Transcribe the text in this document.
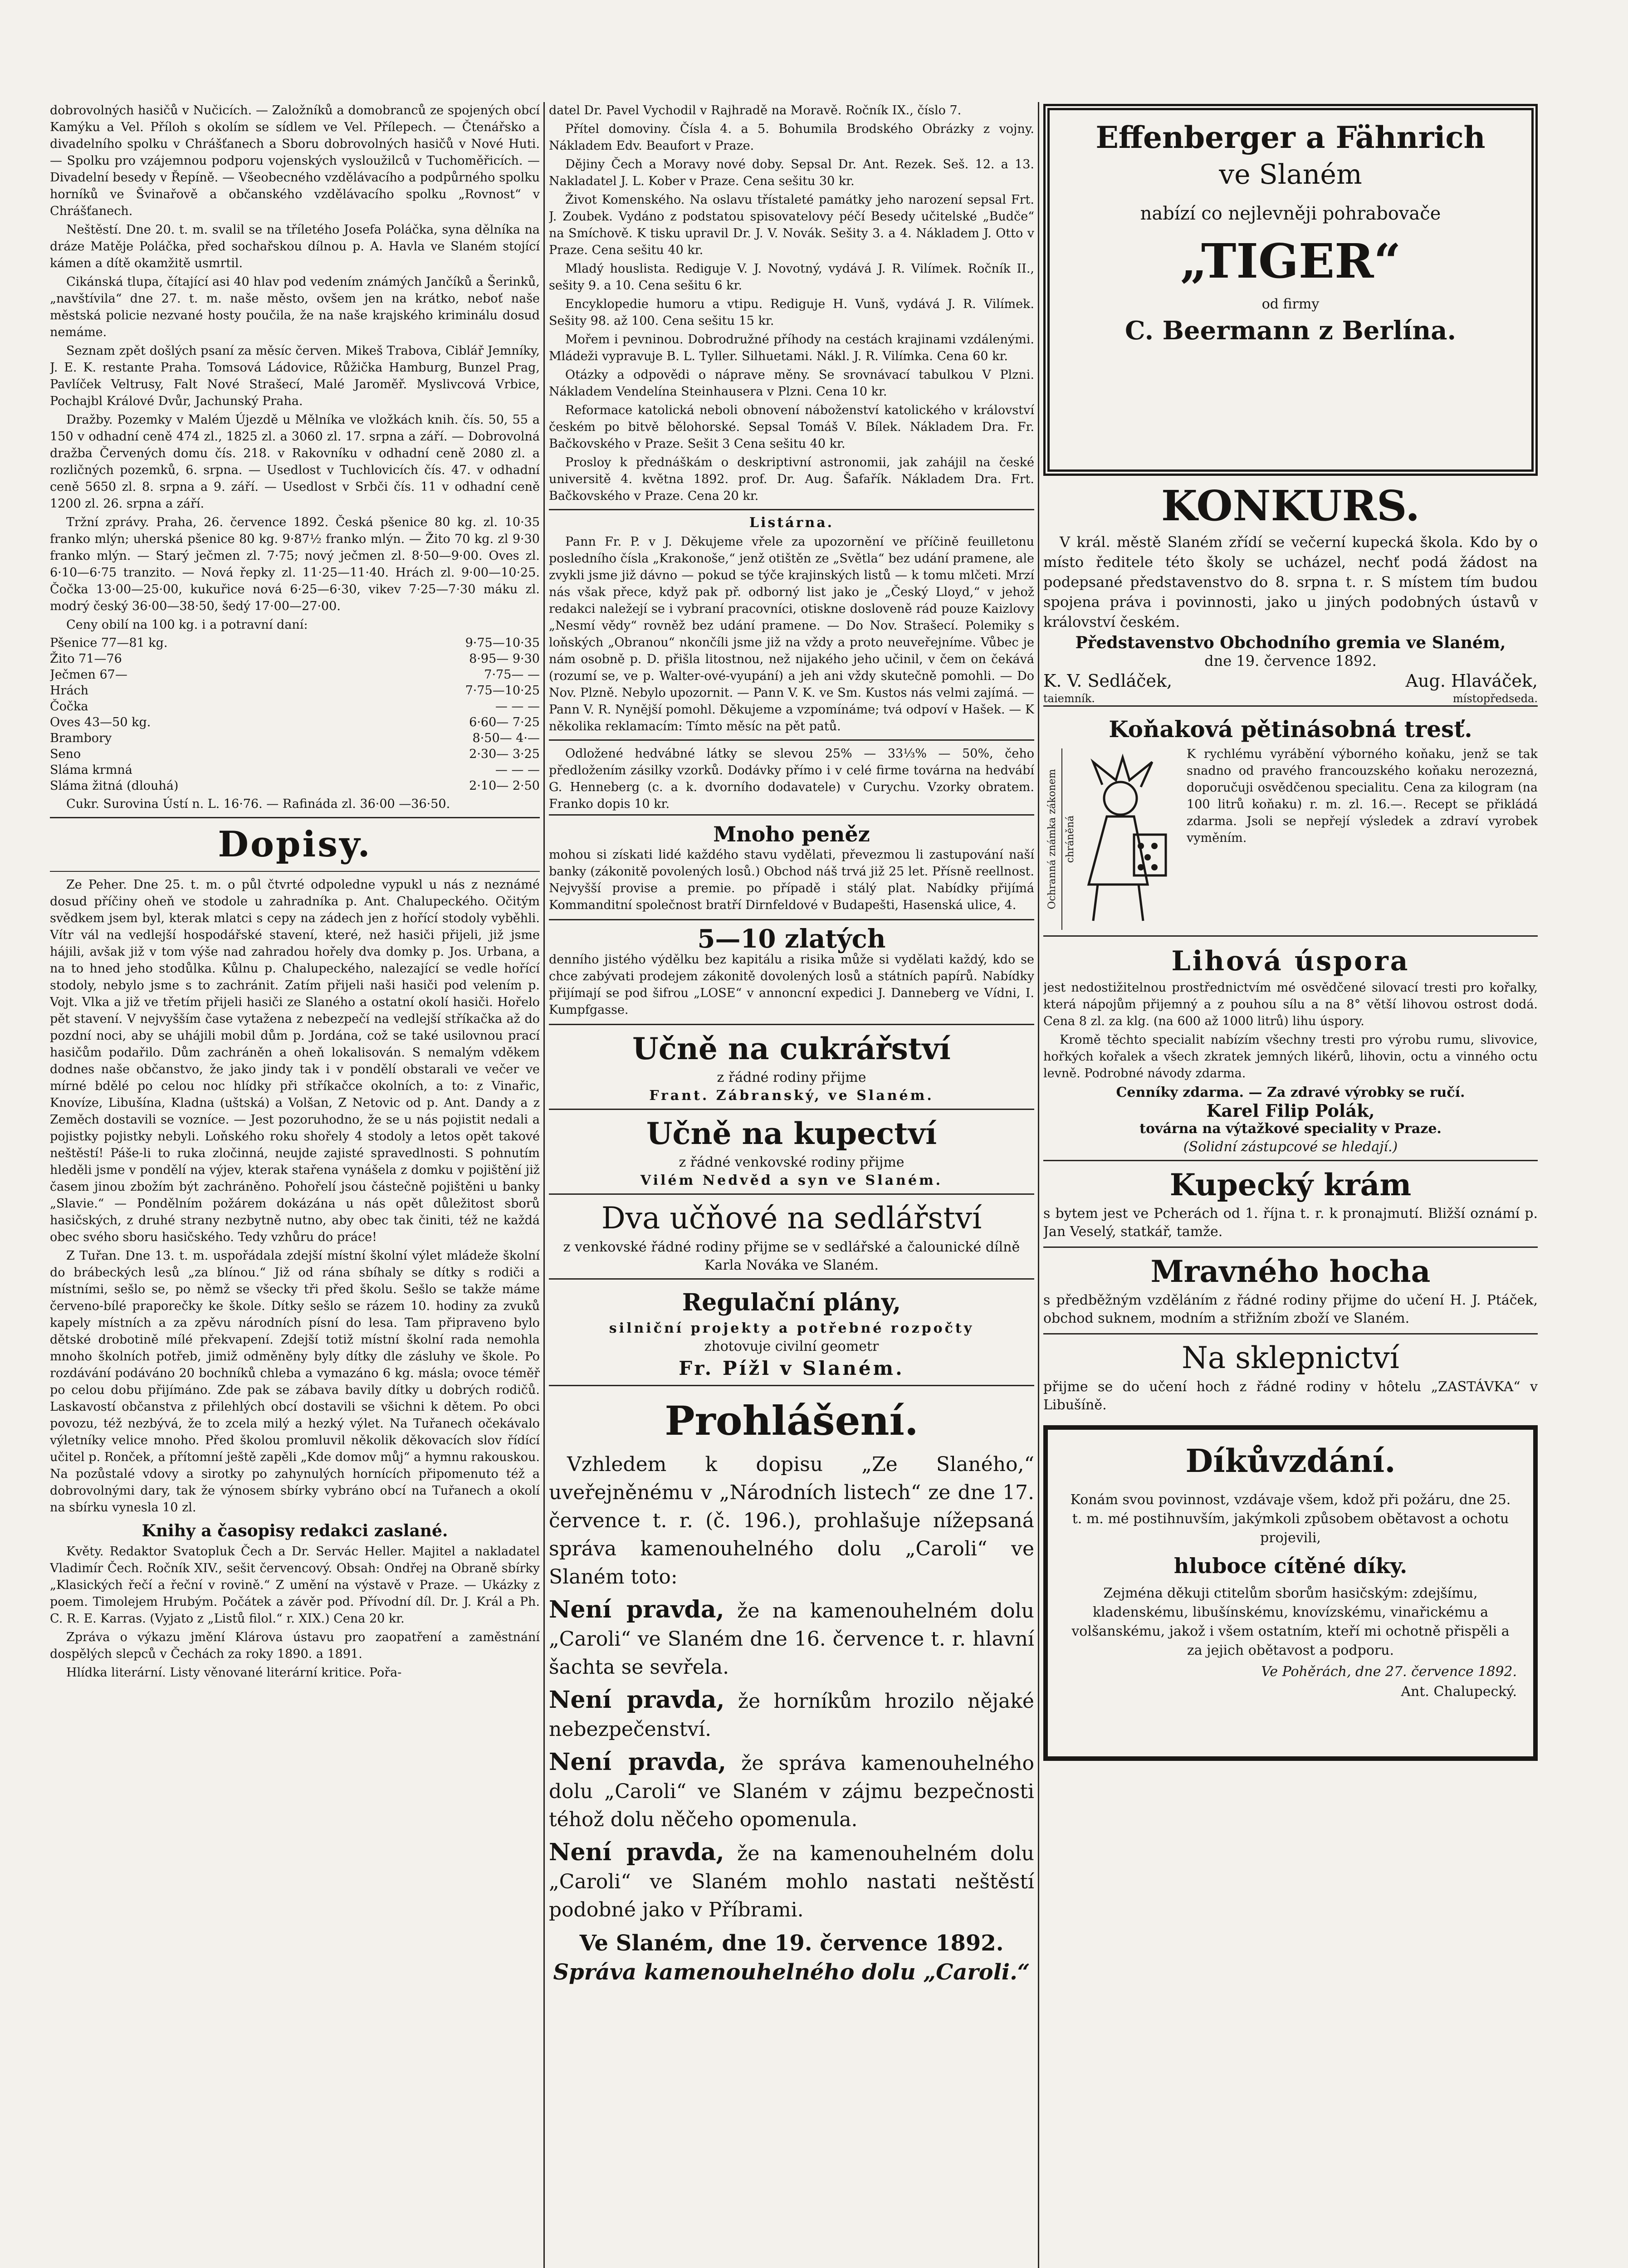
dobrovolných hasičů v Nučicích. — Založníků a domobranců ze spojených obcí Kamýku a Vel. Příloh s okolím se sídlem ve Vel. Přílepech. — Čtenářsko a divadelního spolku v Chrášťanech a Sboru dobrovolných hasičů v Nové Huti. — Spolku pro vzájemnou podporu vojenských vysloužilců v Tuchoměřicích. — Divadelní besedy v Řepíně. — Všeobecného vzdělávacího a podpůrného spolku horníků ve Švinařově a občanského vzdělávacího spolku „Rovnost“ v Chrášťanech.

Neštěstí. Dne 20. t. m. svalil se na tříletého Josefa Poláčka, syna dělníka na dráze Matěje Poláčka, před sochařskou dílnou p. A. Havla ve Slaném stojící kámen a dítě okamžitě usmrtil.

Cikánská tlupa, čítající asi 40 hlav pod vedením známých Jančíků a Šerinků, „navštívila“ dne 27. t. m. naše město, ovšem jen na krátko, neboť naše městská policie nezvané hosty poučila, že na naše krajského kriminálu dosud nemáme.

Seznam zpět došlých psaní za měsíc červen. Mikeš Trabova, Ciblář Jemníky, J. E. K. restante Praha. Tomsová Ládovice, Růžička Hamburg, Bunzel Prag, Pavlíček Veltrusy, Falt Nové Strašecí, Malé Jaroměř. Myslivcová Vrbice, Pochajbl Králové Dvůr, Jachunský Praha.

Dražby. Pozemky v Malém Újezdě u Mělníka ve vložkách knih. čís. 50, 55 a 150 v odhadní ceně 474 zl., 1825 zl. a 3060 zl. 17. srpna a září. — Dobrovolná dražba Červených domu čís. 218. v Rakovníku v odhadní ceně 2080 zl. a rozličných pozemků, 6. srpna. — Usedlost v Tuchlovicích čís. 47. v odhadní ceně 5650 zl. 8. srpna a 9. září. — Usedlost v Srbči čís. 11 v odhadní ceně 1200 zl. 26. srpna a září.

Tržní zprávy. Praha, 26. července 1892. Česká pšenice 80 kg. zl. 10·35 franko mlýn; uherská pšenice 80 kg. 9·87½ franko mlýn. — Žito 70 kg. zl 9·30 franko mlýn. — Starý ječmen zl. 7·75; nový ječmen zl. 8·50—9·00. Oves zl. 6·10—6·75 tranzito. — Nová řepky zl. 11·25—11·40. Hrách zl. 9·00—10·25. Čočka 13·00—25·00, kukuřice nová 6·25—6·30, vikev 7·25—7·30 máku zl. modrý český 36·00—38·50, šedý 17·00—27·00.

Ceny obilí na 100 kg. i a potravní daní:

Pšenice 77—81 kg.	9·75—10·35
Žito 71—76	8·95— 9·30
Ječmen 67—	7·75— —
Hrách	7·75—10·25
Čočka	— — —
Oves 43—50 kg.	6·60— 7·25
Brambory	8·50— 4·—
Seno	2·30— 3·25
Sláma krmná	— — —
Sláma žitná (dlouhá)	2·10— 2·50

Cukr. Surovina Ústí n. L. 16·76. — Rafináda zl. 36·00 —36·50.

Dopisy.

Ze Peher. Dne 25. t. m. o půl čtvrté odpoledne vypukl u nás z neznámé dosud příčiny oheň ve stodole u zahradníka p. Ant. Chalupeckého. Očitým svědkem jsem byl, kterak mlatci s cepy na zádech jen z hořící stodoly vyběhli. Vítr vál na vedlejší hospodářské stavení, které, než hasiči přijeli, již jsme hájili, avšak již v tom výše nad zahradou hořely dva domky p. Jos. Urbana, a na to hned jeho stodůlka. Kůlnu p. Chalupeckého, nalezající se vedle hořící stodoly, nebylo jsme s to zachránit. Zatím přijeli naši hasiči pod velením p. Vojt. Vlka a již ve třetím přijeli hasiči ze Slaného a ostatní okolí hasiči. Hořelo pět stavení. V nejvyšším čase vytažena z nebezpečí na vedlejší stříkačka až do pozdní noci, aby se uhájili mobil dům p. Jordána, což se také usilovnou prací hasičům podařilo. Dům zachráněn a oheň lokalisován. S nemalým vděkem dodnes naše občanstvo, že jako jindy tak i v pondělí obstarali ve večer ve mírné bdělé po celou noc hlídky při stříkačce okolních, a to: z Vinařic, Knovíze, Libušína, Kladna (uštská) a Volšan, Z Netovic od p. Ant. Dandy a z Zeměch dostavili se vozníce. — Jest pozoruhodno, že se u nás pojistit nedali a pojistky pojistky nebyli. Loňského roku shořely 4 stodoly a letos opět takové neštěstí! Páše-li to ruka zločinná, neujde zajisté spravedlnosti. S pohnutím hleděli jsme v pondělí na výjev, kterak stařena vynášela z domku v pojištění již časem jinou zbožím být zachráněno. Pohořelí jsou částečně pojištěni u banky „Slavie.“ — Pondělním požárem dokázána u nás opět důležitost sborů hasičských, z druhé strany nezbytně nutno, aby obec tak činiti, též ne každá obec svého sboru hasičského. Tedy vzhůru do práce!

Z Tuřan. Dne 13. t. m. uspořádala zdejší místní školní výlet mládeže školní do brábeckých lesů „za blínou.“ Již od rána sbíhaly se dítky s rodiči a místními, sešlo se, po němž se všecky tři před školu. Sešlo se takže máme červeno-bílé praporečky ke škole. Dítky sešlo se rázem 10. hodiny za zvuků kapely místních a za zpěvu národních písní do lesa. Tam připraveno bylo dětské drobotině mílé překvapení. Zdejší totiž místní školní rada nemohla mnoho školních potřeb, jimiž odměněny byly dítky dle zásluhy ve škole. Po rozdávání podáváno 20 bochníků chleba a vymazáno 6 kg. másla; ovoce téměř po celou dobu přijímáno. Zde pak se zábava bavily dítky u dobrých rodičů. Laskavostí občanstva z přilehlých obcí dostavili se všichni k dětem. Po obci povozu, též nezbývá, že to zcela milý a hezký výlet. Na Tuřanech očekávalo výletníky velice mnoho. Před školou promluvil několik děkovacích slov řídící učitel p. Ronček, a přítomní ještě zapěli „Kde domov můj“ a hymnu rakouskou. Na pozůstalé vdovy a sirotky po zahynulých hornících připomenuto též a dobrovolnými dary, tak že výnosem sbírky vybráno obcí na Tuřanech a okolí na sbírku vynesla 10 zl.

Knihy a časopisy redakci zaslané.

Květy. Redaktor Svatopluk Čech a Dr. Servác Heller. Majitel a nakladatel Vladimír Čech. Ročník XIV., sešit červencový. Obsah: Ondřej na Obraně sbírky „Klasických řečí a řeční v rovině.“ Z umění na výstavě v Praze. — Ukázky z poem. Timolejem Hrubým. Počátek a závěr pod. Přívodní díl. Dr. J. Král a Ph. C. R. E. Karras. (Vyjato z „Listů filol.“ r. XIX.) Cena 20 kr.

Zpráva o výkazu jmění Klárova ústavu pro zaopatření a zaměstnání dospělých slepců v Čechách za roky 1890. a 1891.

Hlídka literární. Listy věnované literární kritice. Pořa-

datel Dr. Pavel Vychodil v Rajhradě na Moravě. Ročník IX., číslo 7.

Přítel domoviny. Čísla 4. a 5. Bohumila Brodského Obrázky z vojny. Nákladem Edv. Beaufort v Praze.

Dějiny Čech a Moravy nové doby. Sepsal Dr. Ant. Rezek. Seš. 12. a 13. Nakladatel J. L. Kober v Praze. Cena sešitu 30 kr.

Život Komenského. Na oslavu třístaleté památky jeho narození sepsal Frt. J. Zoubek. Vydáno z podstatou spisovatelovy péčí Besedy učitelské „Budče“ na Smíchově. K tisku upravil Dr. J. V. Novák. Sešity 3. a 4. Nákladem J. Otto v Praze. Cena sešitu 40 kr.

Mladý houslista. Rediguje V. J. Novotný, vydává J. R. Vilímek. Ročník II., sešity 9. a 10. Cena sešitu 6 kr.

Encyklopedie humoru a vtipu. Rediguje H. Vunš, vydává J. R. Vilímek. Sešity 98. až 100. Cena sešitu 15 kr.

Mořem i pevninou. Dobrodružné příhody na cestách krajinami vzdálenými. Mládeži vypravuje B. L. Tyller. Silhuetami. Nákl. J. R. Vilímka. Cena 60 kr.

Otázky a odpovědi o náprave měny. Se srovnávací tabulkou V Plzni. Nákladem Vendelína Steinhausera v Plzni. Cena 10 kr.

Reformace katolická neboli obnovení náboženství katolického v království českém po bitvě bělohorské. Sepsal Tomáš V. Bílek. Nákladem Dra. Fr. Bačkovského v Praze. Sešit 3 Cena sešitu 40 kr.

Prosloy k přednáškám o deskriptivní astronomii, jak zahájil na české universitě 4. května 1892. prof. Dr. Aug. Šafařík. Nákladem Dra. Frt. Bačkovského v Praze. Cena 20 kr.

Listárna.

Pann Fr. P. v J. Děkujeme vřele za upozornění ve příčině feuilletonu posledního čísla „Krakonoše,“ jenž otištěn ze „Světla“ bez udání pramene, ale zvykli jsme již dávno — pokud se týče krajinských listů — k tomu mlčeti. Mrzí nás však přece, když pak př. odborný list jako je „Český Lloyd,“ v jehož redakci naležejí se i vybraní pracovníci, otiskne dosloveně rád pouze Kaizlovy „Nesmí vědy“ rovněž bez udání pramene. — Do Nov. Strašecí. Polemiky s loňských „Obranou“ nkončíli jsme již na vždy a proto neuveřejníme. Vůbec je nám osobně p. D. přišla litostnou, než nijakého jeho učinil, v čem on čekává (rozumí se, ve p. Walter-ové-vyupání) a jeh ani vždy skutečně pomohli. — Do Nov. Plzně. Nebylo upozornit. — Pann V. K. ve Sm. Kustos nás velmi zajímá. — Pann V. R. Nynější pomohl. Děkujeme a vzpomínáme; tvá odpoví v Hašek. — K několika reklamacím: Tímto měsíc na pět patů.

Odložené hedvábné látky se slevou 25% — 33⅓% — 50%, čeho předložením zásilky vzorků. Dodávky přímo i v celé firme továrna na hedvábí G. Henneberg (c. a k. dvorního dodavatele) v Curychu. Vzorky obratem. Franko dopis 10 kr.

Mnoho peněz

mohou si získati lidé každého stavu vydělati, převezmou li zastupování naší banky (zákonitě povolených losů.) Obchod náš trvá již 25 let. Přísně reellnost. Nejvyšší provise a premie. po případě i stálý plat. Nabídky přijímá Kommanditní společnost bratří Dirnfeldové v Budapešti, Hasenská ulice, 4.

5—10 zlatých

denního jistého výdělku bez kapitálu a risika může si vydělati každý, kdo se chce zabývati prodejem zákonitě dovolených losů a státních papírů. Nabídky přijímají se pod šifrou „LOSE“ v annoncní expedici J. Danneberg ve Vídni, I. Kumpfgasse.

Učně na cukrářství
z řádné rodiny přijme
Frant. Zábranský, ve Slaném.
Učně na kupectví
z řádné venkovské rodiny přijme
Vilém Nedvěd a syn ve Slaném.
Dva učňové na sedlářství
z venkovské řádné rodiny přijme se v sedlářské a čalounické dílně Karla Nováka ve Slaném.
Regulační plány,
silniční projekty a potřebné rozpočty
zhotovuje civilní geometr
Fr. Pížl v Slaném.
Prohlášení.

Vzhledem k dopisu „Ze Slaného,“ uveřejněnému v „Národních listech“ ze dne 17. července t. r. (č. 196.), prohlašuje nížepsaná správa kamenouhelného dolu „Caroli“ ve Slaném toto:

Není pravda, že na kamenouhelném dolu „Caroli“ ve Slaném dne 16. července t. r. hlavní šachta se sevřela.

Není pravda, že horníkům hrozilo nějaké nebezpečenství.

Není pravda, že správa kamenouhelného dolu „Caroli“ ve Slaném v zájmu bezpečnosti téhož dolu něčeho opomenula.

Není pravda, že na kamenouhelném dolu „Caroli“ ve Slaném mohlo nastati neštěstí podobné jako v Příbrami.

Ve Slaném, dne 19. července 1892.
Správa kamenouhelného dolu „Caroli.“
Effenberger a Fähnrich
ve Slaném
nabízí co nejlevněji pohrabovače
„TIGER“
od firmy
C. Beermann z Berlína.
KONKURS.

V král. městě Slaném zřídí se večerní kupecká škola. Kdo by o místo ředitele této školy se ucházel, nechť podá žádost na podepsané představenstvo do 8. srpna t. r. S místem tím budou spojena práva i povinnosti, jako u jiných podobných ústavů v království českém.

Představenstvo Obchodního gremia ve Slaném,
dne 19. července 1892.
K. V. Sedláček,	Aug. Hlaváček,
taiemník.	místopředseda.
Koňaková pětinásobná tresť.
Ochranná známka zákonem chráněná

K rychlému vyrábění výborného koňaku, jenž se tak snadno od pravého francouzského koňaku nerozezná, doporučuji osvědčenou specialitu. Cena za kilogram (na 100 litrů koňaku) r. m. zl. 16.—. Recept se přikládá zdarma. Jsoli se nepřejí výsledek a zdraví vyrobek vyměním.

Lihová úspora

jest nedostižitelnou prostřednictvím mé osvědčené silovací tresti pro kořalky, která nápojům přijemný a z pouhou sílu a na 8° větší lihovou ostrost dodá. Cena 8 zl. za klg. (na 600 až 1000 litrů) lihu úspory.

Kromě těchto specialit nabízím všechny tresti pro výrobu rumu, slivovice, hořkých kořalek a všech zkratek jemných likérů, lihovin, octu a vinného octu levně. Podrobné návody zdarma.

Cenníky zdarma. — Za zdravé výrobky se ručí.
Karel Filip Polák,
továrna na výtažkové speciality v Praze.
(Solidní zástupcové se hledají.)
Kupecký krám

s bytem jest ve Pcherách od 1. října t. r. k pronajmutí. Bližší oznámí p. Jan Veselý, statkář, tamže.

Mravného hocha

s předběžným vzděláním z řádné rodiny přijme do učení H. J. Ptáček, obchod suknem, modním a střižním zboží ve Slaném.

Na sklepnictví

přijme se do učení hoch z řádné rodiny v hôtelu „ZASTÁVKA“ v Libušíně.

Díkůvzdání.

Konám svou povinnost, vzdávaje všem, kdož při požáru, dne 25. t. m. mé postihnuvším, jakýmkoli způsobem obětavost a ochotu projevili,

hluboce cítěné díky.

Zejména děkuji ctitelům sborům hasičským: zdejšímu, kladenskému, libušínskému, knovízskému, vinařickému a volšanskému, jakož i všem ostatním, kteří mi ochotně přispěli a za jejich obětavost a podporu.

Ve Pohěrách, dne 27. července 1892.
Ant. Chalupecký.
